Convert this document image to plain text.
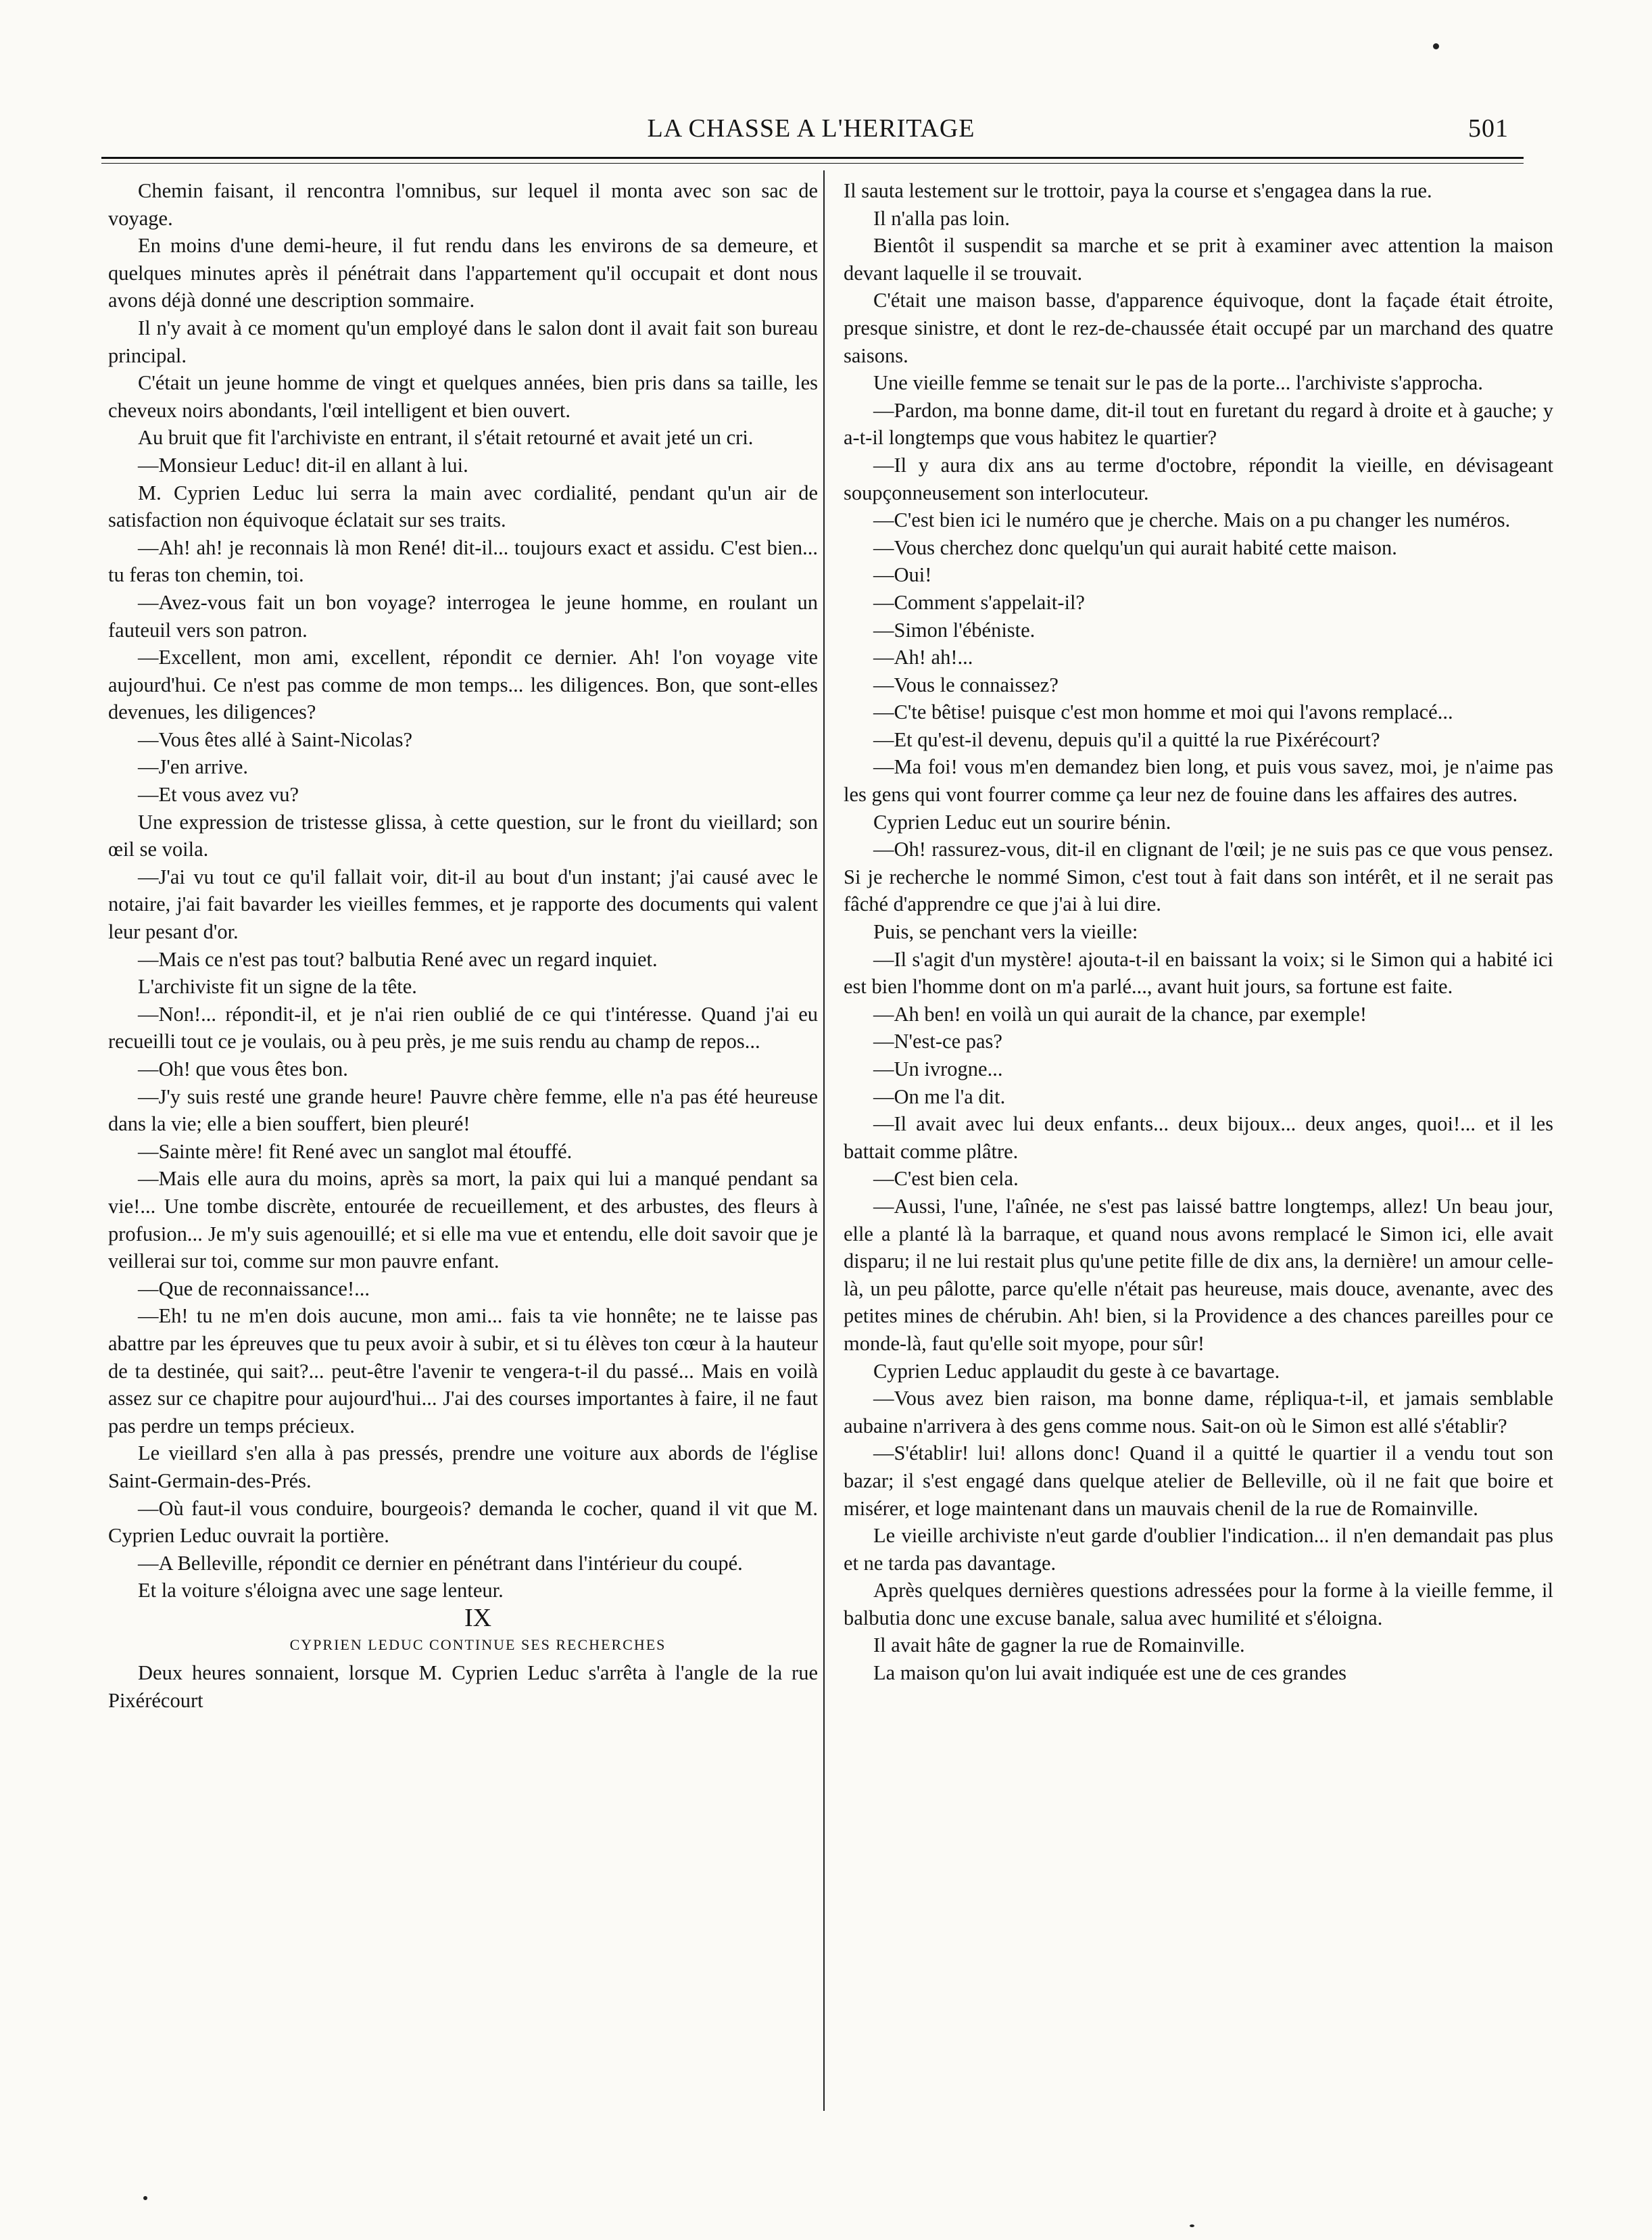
LA CHASSE A L'HERITAGE	501

Chemin faisant, il rencontra l'omnibus, sur lequel il monta avec son sac de voyage.

En moins d'une demi-heure, il fut rendu dans les environs de sa demeure, et quelques minutes après il pénétrait dans l'appartement qu'il occupait et dont nous avons déjà donné une description sommaire.

Il n'y avait à ce moment qu'un employé dans le salon dont il avait fait son bureau principal.

C'était un jeune homme de vingt et quelques années, bien pris dans sa taille, les cheveux noirs abondants, l'œil intelligent et bien ouvert.

Au bruit que fit l'archiviste en entrant, il s'était retourné et avait jeté un cri.

—Monsieur Leduc! dit-il en allant à lui.

M. Cyprien Leduc lui serra la main avec cordialité, pendant qu'un air de satisfaction non équivoque éclatait sur ses traits.

—Ah! ah! je reconnais là mon René! dit-il... toujours exact et assidu. C'est bien... tu feras ton chemin, toi.

—Avez-vous fait un bon voyage? interrogea le jeune homme, en roulant un fauteuil vers son patron.

—Excellent, mon ami, excellent, répondit ce dernier. Ah! l'on voyage vite aujourd'hui. Ce n'est pas comme de mon temps... les diligences. Bon, que sont-elles devenues, les diligences?

—Vous êtes allé à Saint-Nicolas?

—J'en arrive.

—Et vous avez vu?

Une expression de tristesse glissa, à cette question, sur le front du vieillard; son œil se voila.

—J'ai vu tout ce qu'il fallait voir, dit-il au bout d'un instant; j'ai causé avec le notaire, j'ai fait bavarder les vieilles femmes, et je rapporte des documents qui valent leur pesant d'or.

—Mais ce n'est pas tout? balbutia René avec un regard inquiet.

L'archiviste fit un signe de la tête.

—Non!... répondit-il, et je n'ai rien oublié de ce qui t'intéresse. Quand j'ai eu recueilli tout ce je voulais, ou à peu près, je me suis rendu au champ de repos...

—Oh! que vous êtes bon.

—J'y suis resté une grande heure! Pauvre chère femme, elle n'a pas été heureuse dans la vie; elle a bien souffert, bien pleuré!

—Sainte mère! fit René avec un sanglot mal étouffé.

—Mais elle aura du moins, après sa mort, la paix qui lui a manqué pendant sa vie!... Une tombe discrète, entourée de recueillement, et des arbustes, des fleurs à profusion... Je m'y suis agenouillé; et si elle ma vue et entendu, elle doit savoir que je veillerai sur toi, comme sur mon pauvre enfant.

—Que de reconnaissance!...

—Eh! tu ne m'en dois aucune, mon ami... fais ta vie honnête; ne te laisse pas abattre par les épreuves que tu peux avoir à subir, et si tu élèves ton cœur à la hauteur de ta destinée, qui sait?... peut-être l'avenir te vengera-t-il du passé... Mais en voilà assez sur ce chapitre pour aujourd'hui... J'ai des courses importantes à faire, il ne faut pas perdre un temps précieux.

Le vieillard s'en alla à pas pressés, prendre une voiture aux abords de l'église Saint-Germain-des-Prés.

—Où faut-il vous conduire, bourgeois? demanda le cocher, quand il vit que M. Cyprien Leduc ouvrait la portière.

—A Belleville, répondit ce dernier en pénétrant dans l'intérieur du coupé.

Et la voiture s'éloigna avec une sage lenteur.

IX

CYPRIEN LEDUC CONTINUE SES RECHERCHES

Deux heures sonnaient, lorsque M. Cyprien Leduc s'arrêta à l'angle de la rue Pixérécourt

Il sauta lestement sur le trottoir, paya la course et s'engagea dans la rue.

Il n'alla pas loin.

Bientôt il suspendit sa marche et se prit à examiner avec attention la maison devant laquelle il se trouvait.

C'était une maison basse, d'apparence équivoque, dont la façade était étroite, presque sinistre, et dont le rez-de-chaussée était occupé par un marchand des quatre saisons.

Une vieille femme se tenait sur le pas de la porte... l'archiviste s'approcha.

—Pardon, ma bonne dame, dit-il tout en furetant du regard à droite et à gauche; y a-t-il longtemps que vous habitez le quartier?

—Il y aura dix ans au terme d'octobre, répondit la vieille, en dévisageant soupçonneusement son interlocuteur.

—C'est bien ici le numéro que je cherche. Mais on a pu changer les numéros.

—Vous cherchez donc quelqu'un qui aurait habité cette maison.

—Oui!

—Comment s'appelait-il?

—Simon l'ébéniste.

—Ah! ah!...

—Vous le connaissez?

—C'te bêtise! puisque c'est mon homme et moi qui l'avons remplacé...

—Et qu'est-il devenu, depuis qu'il a quitté la rue Pixérécourt?

—Ma foi! vous m'en demandez bien long, et puis vous savez, moi, je n'aime pas les gens qui vont fourrer comme ça leur nez de fouine dans les affaires des autres.

Cyprien Leduc eut un sourire bénin.

—Oh! rassurez-vous, dit-il en clignant de l'œil; je ne suis pas ce que vous pensez. Si je recherche le nommé Simon, c'est tout à fait dans son intérêt, et il ne serait pas fâché d'apprendre ce que j'ai à lui dire.

Puis, se penchant vers la vieille:

—Il s'agit d'un mystère! ajouta-t-il en baissant la voix; si le Simon qui a habité ici est bien l'homme dont on m'a parlé..., avant huit jours, sa fortune est faite.

—Ah ben! en voilà un qui aurait de la chance, par exemple!

—N'est-ce pas?

—Un ivrogne...

—On me l'a dit.

—Il avait avec lui deux enfants... deux bijoux... deux anges, quoi!... et il les battait comme plâtre.

—C'est bien cela.

—Aussi, l'une, l'aînée, ne s'est pas laissé battre longtemps, allez! Un beau jour, elle a planté là la barraque, et quand nous avons remplacé le Simon ici, elle avait disparu; il ne lui restait plus qu'une petite fille de dix ans, la dernière! un amour celle-là, un peu pâlotte, parce qu'elle n'était pas heureuse, mais douce, avenante, avec des petites mines de chérubin. Ah! bien, si la Providence a des chances pareilles pour ce monde-là, faut qu'elle soit myope, pour sûr!

Cyprien Leduc applaudit du geste à ce bavartage.

—Vous avez bien raison, ma bonne dame, répliqua-t-il, et jamais semblable aubaine n'arrivera à des gens comme nous. Sait-on où le Simon est allé s'établir?

—S'établir! lui! allons donc! Quand il a quitté le quartier il a vendu tout son bazar; il s'est engagé dans quelque atelier de Belleville, où il ne fait que boire et misérer, et loge maintenant dans un mauvais chenil de la rue de Romainville.

Le vieille archiviste n'eut garde d'oublier l'indication... il n'en demandait pas plus et ne tarda pas davantage.

Après quelques dernières questions adressées pour la forme à la vieille femme, il balbutia donc une excuse banale, salua avec humilité et s'éloigna.

Il avait hâte de gagner la rue de Romainville.

La maison qu'on lui avait indiquée est une de ces grandes
